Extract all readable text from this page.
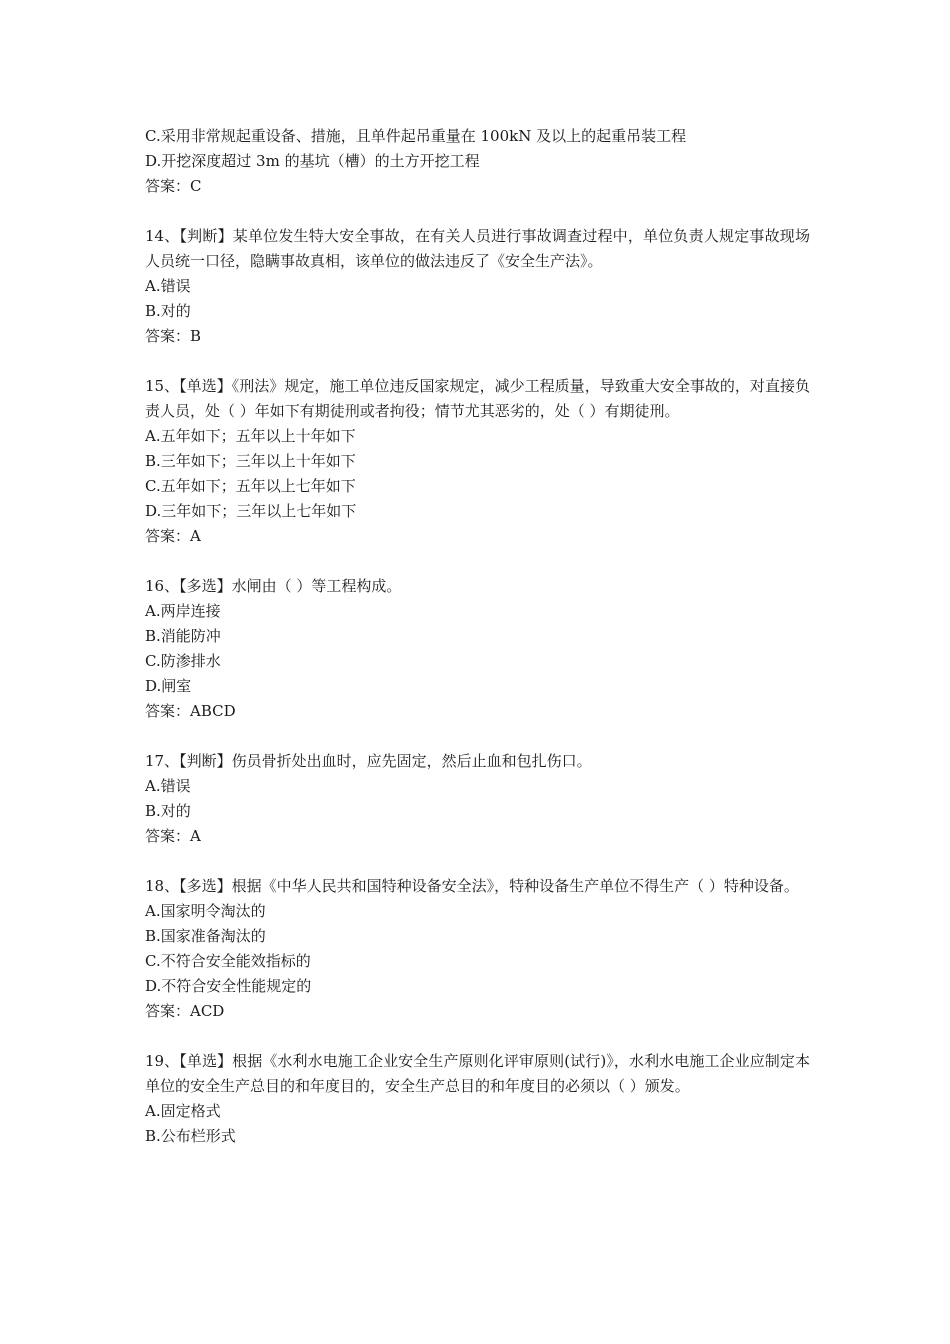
C.采用非常规起重设备、措施，且单件起吊重量在 100kN 及以上的起重吊装工程
D.开挖深度超过 3m 的基坑（槽）的土方开挖工程
答案：C
14、【判断】某单位发生特大安全事故，在有关人员进行事故调查过程中，单位负责人规定事故现场人员统一口径，隐瞒事故真相，该单位的做法违反了《安全生产法》。
A.错误
B.对的
答案：B
15、【单选】《刑法》规定，施工单位违反国家规定，减少工程质量，导致重大安全事故的，对直接负责人员，处（ ）年如下有期徒刑或者拘役；情节尤其恶劣的，处（ ）有期徒刑。
A.五年如下；五年以上十年如下
B.三年如下；三年以上十年如下
C.五年如下；五年以上七年如下
D.三年如下；三年以上七年如下
答案：A
16、【多选】水闸由（ ）等工程构成。
A.两岸连接
B.消能防冲
C.防渗排水
D.闸室
答案：ABCD
17、【判断】伤员骨折处出血时，应先固定，然后止血和包扎伤口。
A.错误
B.对的
答案：A
18、【多选】根据《中华人民共和国特种设备安全法》，特种设备生产单位不得生产（ ）特种设备。
A.国家明令淘汰的
B.国家准备淘汰的
C.不符合安全能效指标的
D.不符合安全性能规定的
答案：ACD
19、【单选】根据《水利水电施工企业安全生产原则化评审原则(试行)》，水利水电施工企业应制定本单位的安全生产总目的和年度目的，安全生产总目的和年度目的必须以（ ）颁发。
A.固定格式
B.公布栏形式
